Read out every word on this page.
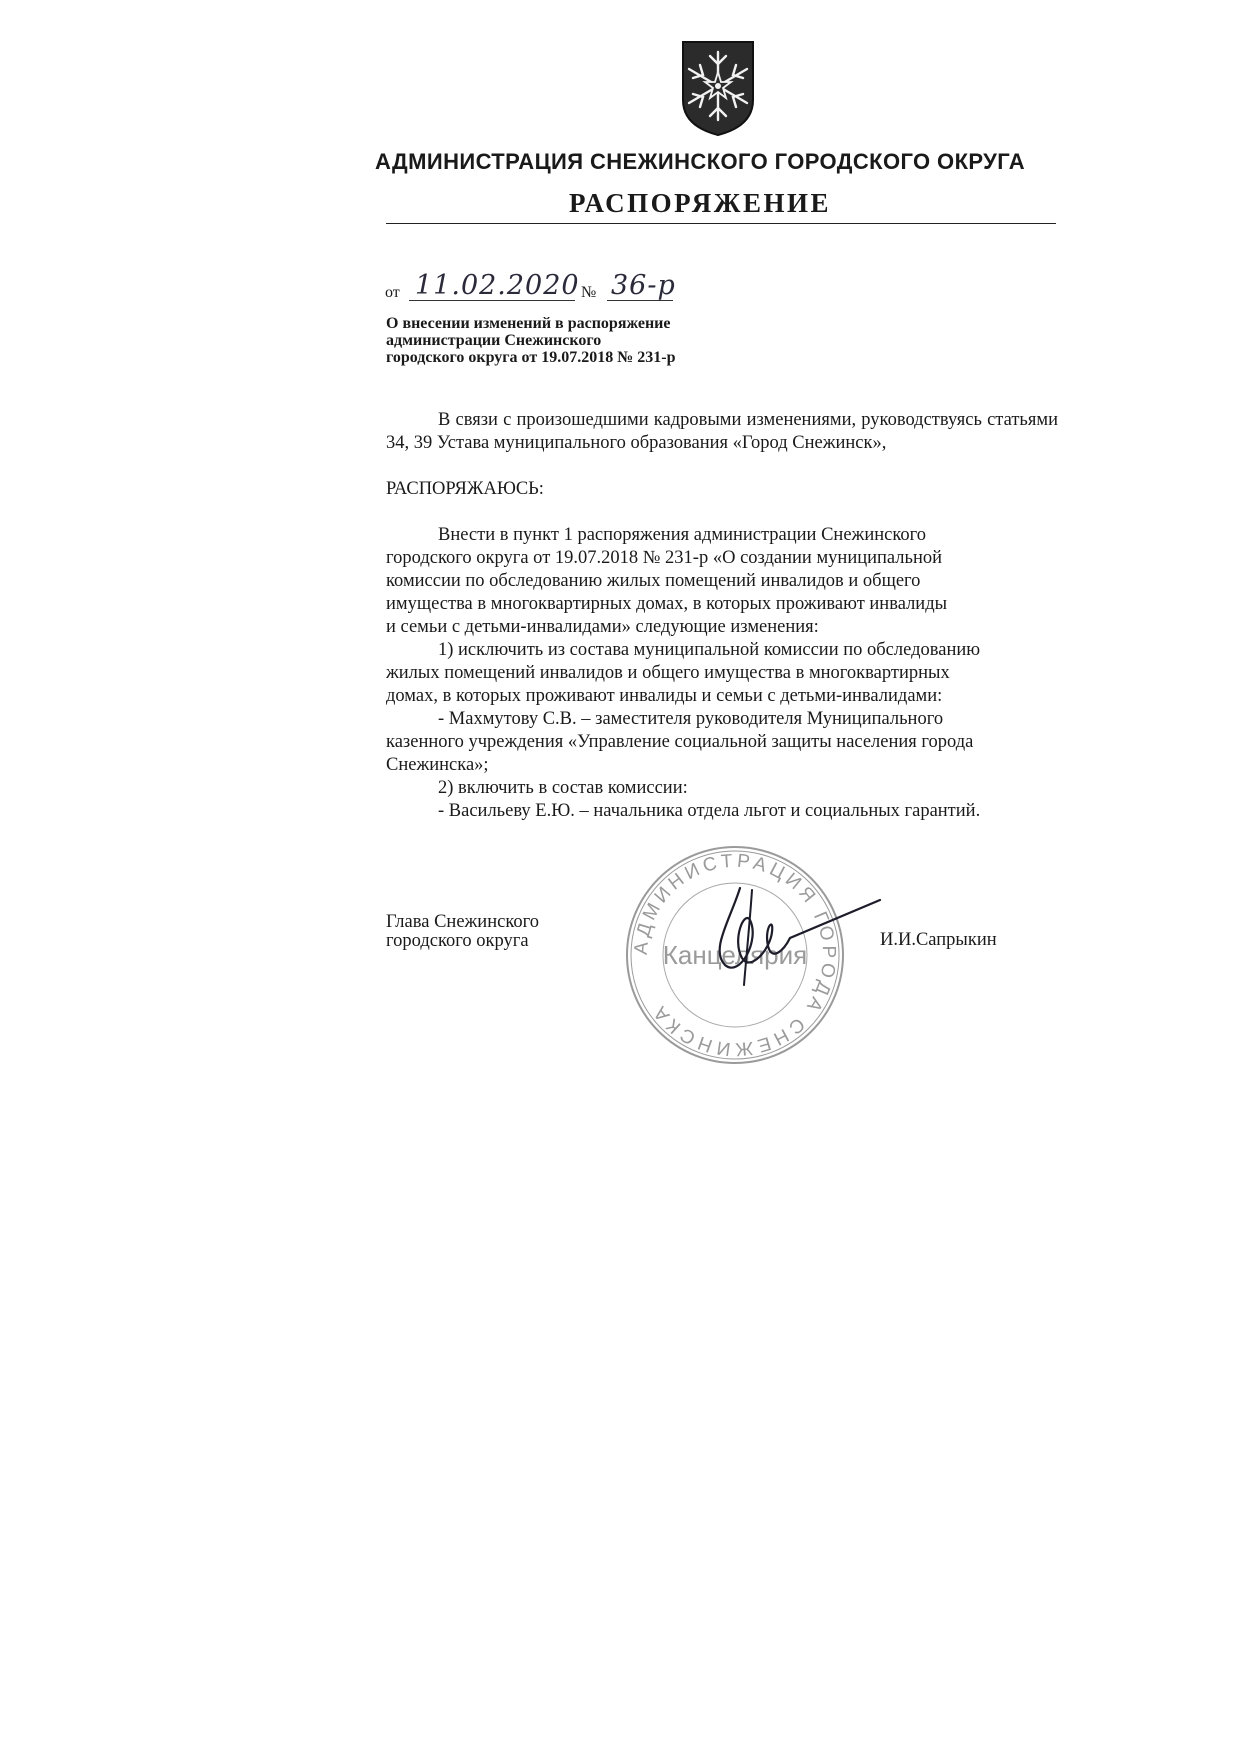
АДМИНИСТРАЦИЯ СНЕЖИНСКОГО ГОРОДСКОГО ОКРУГА
РАСПОРЯЖЕНИЕ
от 11.02.2020 № 36-р
О внесении изменений в распоряжение
администрации Снежинского
городского округа от 19.07.2018 № 231-р

В связи с произошедшими кадровыми изменениями, руководствуясь статьями 34, 39 Устава муниципального образования «Город Снежинск»,

РАСПОРЯЖАЮСЬ:
Внести в пункт 1 распоряжения администрации Снежинского
городского округа от 19.07.2018 № 231-р «О создании муниципальной
комиссии по обследованию жилых помещений инвалидов и общего
имущества в многоквартирных домах, в которых проживают инвалиды
и семьи с детьми-инвалидами» следующие изменения:
1) исключить из состава муниципальной комиссии по обследованию
жилых помещений инвалидов и общего имущества в многоквартирных
домах, в которых проживают инвалиды и семьи с детьми-инвалидами:
- Махмутову С.В. – заместителя руководителя Муниципального
казенного учреждения «Управление социальной защиты населения города
Снежинска»;
2) включить в состав комиссии:
- Васильеву Е.Ю. – начальника отдела льгот и социальных гарантий.
АДМИНИСТРАЦИЯ ГОРОДА СНЕЖИНСКА
Канцелярия
Глава Снежинского
городского округа	И.И.Сапрыкин
